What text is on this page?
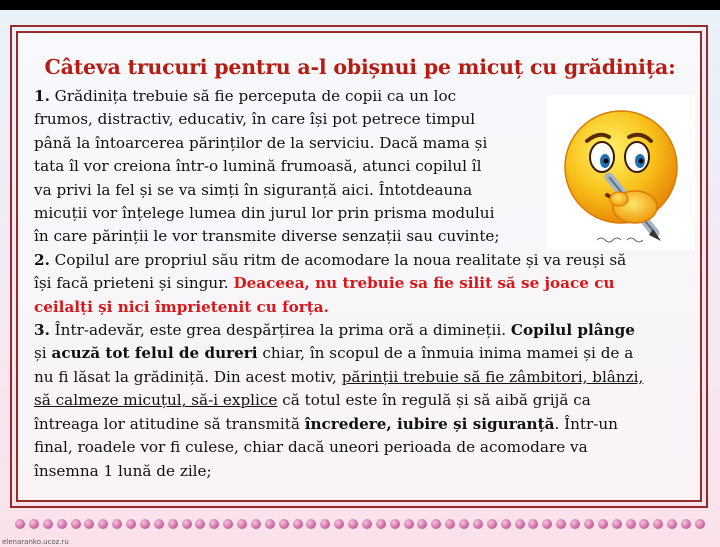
Câteva trucuri pentru a-l obișnui pe micuț cu grădinița:
1. Grădinița trebuie să fie perceputa de copii ca un loc
frumos, distractiv, educativ, în care își pot petrece timpul
până la întoarcerea părinților de la serviciu. Dacă mama și
tata îl vor creiona într-o lumină frumoasă, atunci copilul îl
va privi la fel și se va simți în siguranță aici. Întotdeauna
micuții vor înțelege lumea din jurul lor prin prisma modului
în care părinții le vor transmite diverse senzații sau cuvinte;
2. Copilul are propriul său ritm de acomodare la noua realitate și va reuși să
își facă prieteni și singur. Deaceea, nu trebuie sa fie silit să se joace cu
ceilalți și nici împrietenit cu forța.
3. Într-adevăr, este grea despărțirea la prima oră a dimineții. Copilul plânge
și acuză tot felul de dureri chiar, în scopul de a înmuia inima mamei și de a
nu fi lăsat la grădiniță. Din acest motiv, părinții trebuie să fie zâmbitori, blânzi,
să calmeze micuțul, să-i explice că totul este în regulă și să aibă grijă ca
întreaga lor atitudine să transmită încredere, iubire și siguranță. Într-un
final, roadele vor fi culese, chiar dacă uneori perioada de acomodare va
însemna 1 lună de zile;
elenaranko.ucoz.ru
